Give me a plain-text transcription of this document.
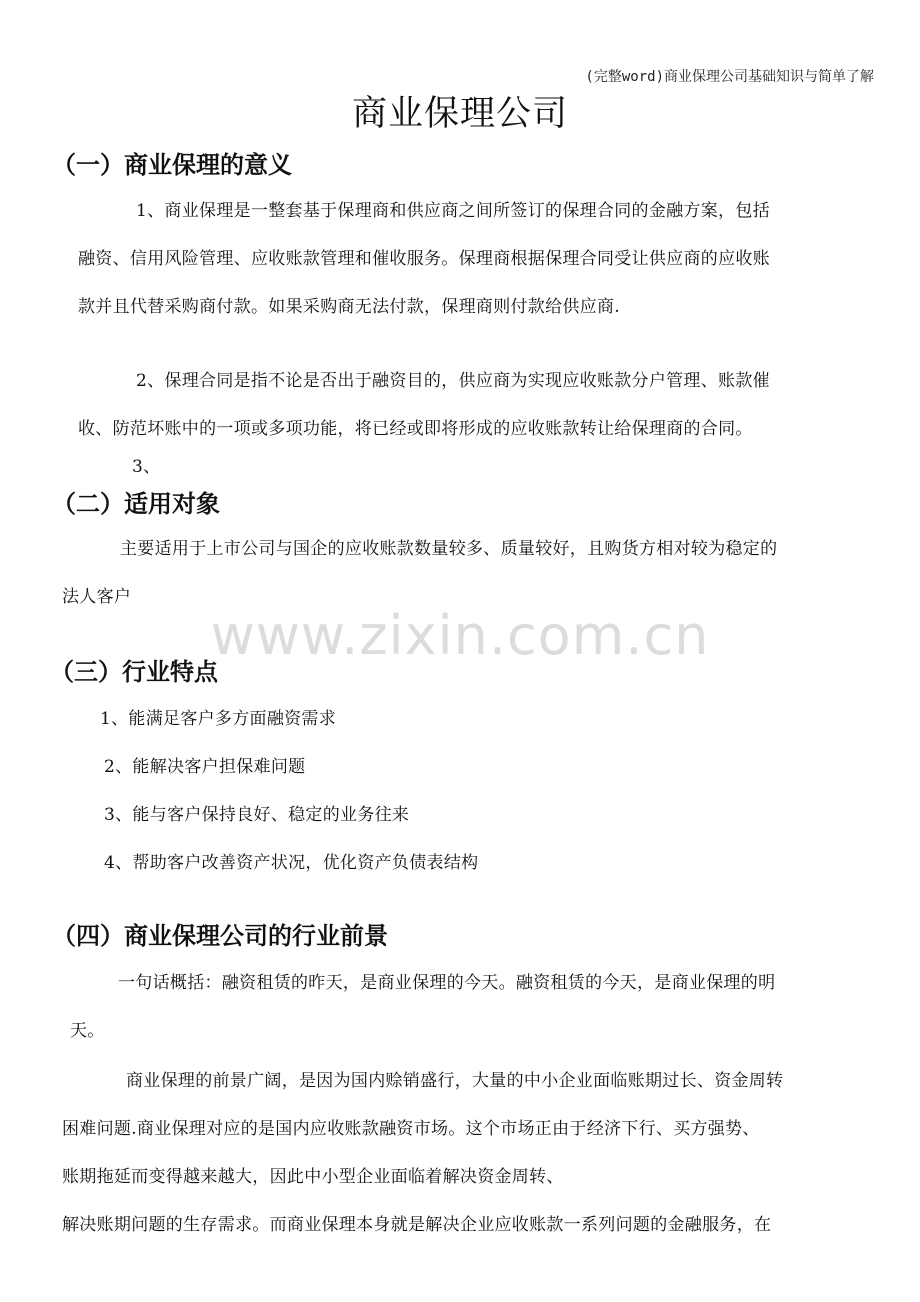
www.zixin.com.cn
(完整word)商业保理公司基础知识与简单了解
商业保理公司
（一）商业保理的意义
1、商业保理是一整套基于保理商和供应商之间所签订的保理合同的金融方案，包括
融资、信用风险管理、应收账款管理和催收服务。保理商根据保理合同受让供应商的应收账
款并且代替采购商付款。如果采购商无法付款，保理商则付款给供应商.
2、保理合同是指不论是否出于融资目的，供应商为实现应收账款分户管理、账款催
收、防范坏账中的一项或多项功能，将已经或即将形成的应收账款转让给保理商的合同。
3、
（二）适用对象
主要适用于上市公司与国企的应收账款数量较多、质量较好，且购货方相对较为稳定的
法人客户
（三）行业特点
1、能满足客户多方面融资需求
2、能解决客户担保难问题
3、能与客户保持良好、稳定的业务往来
4、帮助客户改善资产状况，优化资产负债表结构
（四）商业保理公司的行业前景
一句话概括：融资租赁的昨天，是商业保理的今天。融资租赁的今天，是商业保理的明
天。
商业保理的前景广阔，是因为国内赊销盛行，大量的中小企业面临账期过长、资金周转
困难问题.商业保理对应的是国内应收账款融资市场。这个市场正由于经济下行、买方强势、
账期拖延而变得越来越大，因此中小型企业面临着解决资金周转、
解决账期问题的生存需求。而商业保理本身就是解决企业应收账款一系列问题的金融服务，在
